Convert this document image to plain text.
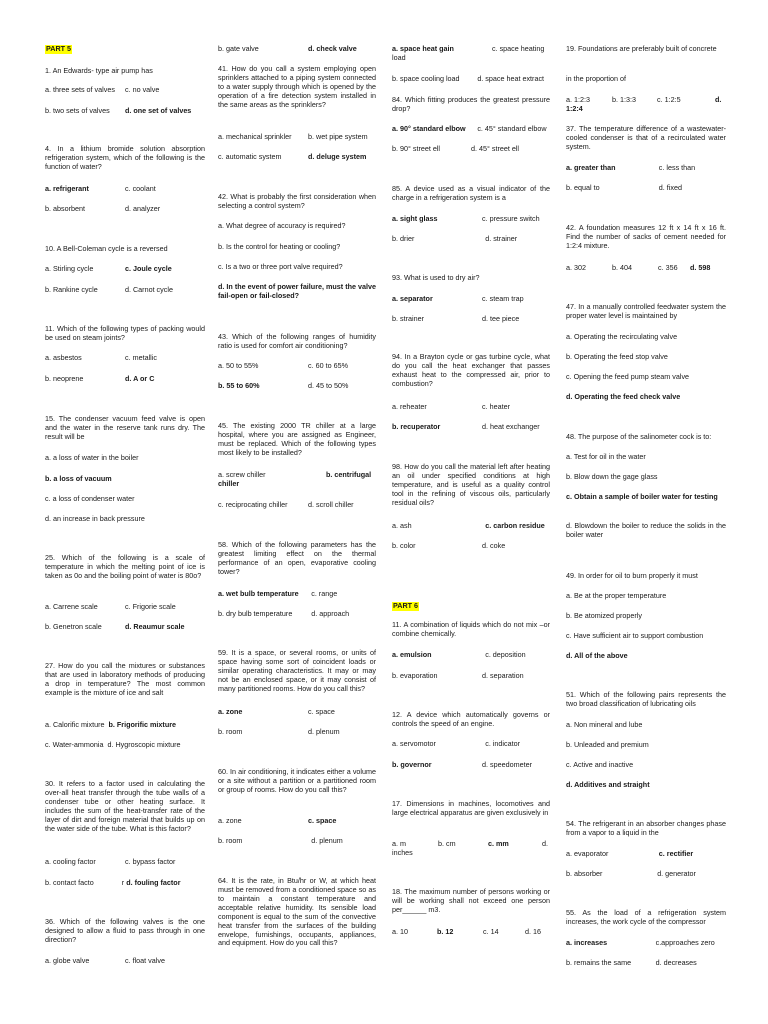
PART 5
1. An Edwards- type air pump has
a. three sets of valves	c. no valve
b. two sets of valves	d. one set of valves
4. In a lithium bromide solution absorption refrigeration system, which of the following is the function of water?
a. refrigerant	c. coolant
b. absorbent	d. analyzer
10. A Bell-Coleman cycle is a reversed
a. Stirling cycle	c. Joule cycle
b. Rankine cycle	d. Carnot cycle
11. Which of the following types of packing would be used on steam joints?
a. asbestos	c. metallic
b. neoprene	d. A or C
15. The condenser vacuum feed valve is open and the water in the reserve tank runs dry. The result will be
a. a loss of water in the boiler
b. a loss of vacuum
c. a loss of condenser water
d. an increase in back pressure
25. Which of the following is a scale of temperature in which the melting point of ice is taken as 0o and the boiling point of water is 80o?
a. Carrene scale	c. Frigorie scale
b. Genetron scale	d. Reaumur scale
27. How do you call the mixtures or substances that are used in laboratory methods of producing a drop in temperature? The most common example is the mixture of ice and salt
a. Calorific mixture b. Frigorific mixture
c. Water-ammonia d. Hygroscopic mixture
30. It refers to a factor used in calculating the over-all heat transfer through the tube walls of a condenser tube or other heating surface. It includes the sum of the heat-transfer rate of the layer of dirt and foreign material that builds up on the water side of the tube. What is this factor?
a. cooling factor	c. bypass factor
b. contact facto	r d. fouling factor
36. Which of the following valves is the one designed to allow a fluid to pass through in one direction?
a. globe valve	c. float valve
b. gate valve	d. check valve
41. How do you call a system employing open sprinklers attached to a piping system connected to a water supply through which is opened by the operation of a fire detection system installed in the same areas as the sprinklers?
a. mechanical sprinkler	b. wet pipe system
c. automatic system	d. deluge system
42. What is probably the first consideration when selecting a control system?
a. What degree of accuracy is required?
b. Is the control for heating or cooling?
c. Is a two or three port valve required?
d. In the event of power failure, must the valve fail-open or fail-closed?
43. Which of the following ranges of humidity ratio is used for comfort air conditioning?
a. 50 to 55%	c. 60 to 65%
b. 55 to 60%	d. 45 to 50%
45. The existing 2000 TR chiller at a large hospital, where you are assigned as Engineer, must be replaced. Which of the following types most likely to be installed?
a. screw chiller	b. centrifugal chiller
c. reciprocating chiller	d. scroll chiller
58. Which of the following parameters has the greatest limiting effect on the thermal performance of an open, evaporative cooling tower?
a. wet bulb temperature	c. range
b. dry bulb temperature	d. approach
59. It is a space, or several rooms, or units of space having some sort of coincident loads or similar operating characteristics. It may or may not be an enclosed space, or it may consist of many partitioned rooms. How do you call this?
a. zone	c. space
b. room	d. plenum
60. In air conditioning, it indicates either a volume or a site without a partition or a partitioned room or group of rooms. How do you call this?
a. zone	c. space
b. room	d. plenum
64. It is the rate, in Btu/hr or W, at which heat must be removed from a conditioned space so as to maintain a constant temperature and acceptable relative humidity. Its sensible load component is equal to the sum of the convective heat transfer from the surfaces of the building envelope, furnishings, occupants, appliances, and equipment. How do you call this?
a. space heat gain	c. space heating load
b. space cooling load	d. space heat extract
84. Which fitting produces the greatest pressure drop?
a. 90° standard elbow	c. 45° standard elbow
b. 90° street ell	d. 45° street ell
85. A device used as a visual indicator of the charge in a refrigeration system is a
a. sight glass	c. pressure switch
b. drier	d. strainer
93. What is used to dry air?
a. separator	c. steam trap
b. strainer	d. tee piece
94. In a Brayton cycle or gas turbine cycle, what do you call the heat exchanger that passes exhaust heat to the compressed air, prior to combustion?
a. reheater	c. heater
b. recuperator	d. heat exchanger
98. How do you call the material left after heating an oil under specified conditions at high temperature, and is useful as a quality control tool in the refining of viscous oils, particularly residual oils?
a. ash	c. carbon residue
b. color	d. coke
PART 6
11. A combination of liquids which do not mix –or combine chemically.
a. emulsion	c. deposition
b. evaporation	d. separation
12. A device which automatically governs or controls the speed of an engine.
a. servomotor	c. indicator
b. governor	d. speedometer
17. Dimensions in machines, locomotives and large electrical apparatus are given exclusively in
a. m	b. cm	c. mm	d.
inches
18. The maximum number of persons working or will be working shall not exceed one person per______ m3.
a. 10	b. 12	c. 14	d. 16
19. Foundations are preferably built of concrete
in the proportion of
a. 1:2:3	b. 1:3:3	c. 1:2:5	d.
1:2:4
37. The temperature difference of a wastewater-cooled condenser is that of a recirculated water system.
a. greater than	c. less than
b. equal to	d. fixed
42. A foundation measures 12 ft x 14 ft x 16 ft. Find the number of sacks of cement needed for 1:2:4 mixture.
a. 302	b. 404	c. 356 d. 598
47. In a manually controlled feedwater system the proper water level is maintained by
a. Operating the recirculating valve
b. Operating the feed stop valve
c. Opening the feed pump steam valve
d. Operating the feed check valve
48. The purpose of the salinometer cock is to:
a. Test for oil in the water
b. Blow down the gage glass
c. Obtain a sample of boiler water for testing
d. Blowdown the boiler to reduce the solids in the boiler water
49. In order for oil to burn properly it must
a. Be at the proper temperature
b. Be atomized properly
c. Have sufficient air to support combustion
d. All of the above
51. Which of the following pairs represents the two broad classification of lubricating oils
a. Non mineral and lube
b. Unleaded and premium
c. Active and inactive
d. Additives and straight
54. The refrigerant in an absorber changes phase from a vapor to a liquid in the
a. evaporator	c. rectifier
b. absorber	d. generator
55. As the load of a refrigeration system increases, the work cycle of the compressor
a. increases	c.approaches zero
b. remains the same	d. decreases
